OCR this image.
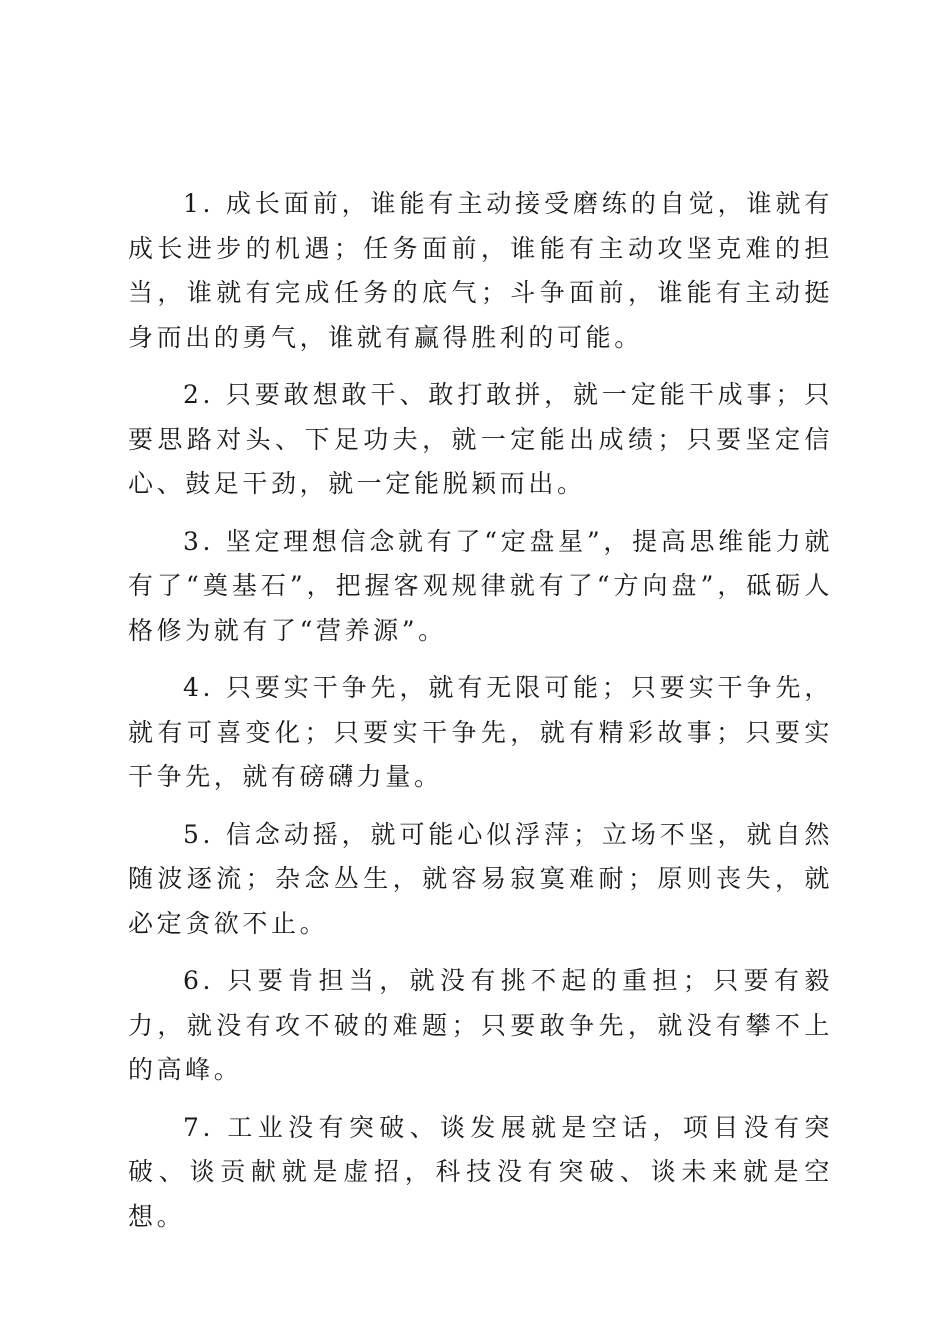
1. 成长面前，谁能有主动接受磨练的自觉，谁就有成长进步的机遇；任务面前，谁能有主动攻坚克难的担当，谁就有完成任务的底气；斗争面前，谁能有主动挺身而出的勇气，谁就有赢得胜利的可能。

2. 只要敢想敢干、敢打敢拼，就一定能干成事；只要思路对头、下足功夫，就一定能出成绩；只要坚定信心、鼓足干劲，就一定能脱颖而出。

3. 坚定理想信念就有了“定盘星”，提高思维能力就有了“奠基石”，把握客观规律就有了“方向盘”，砥砺人格修为就有了“营养源”。

4. 只要实干争先，就有无限可能；只要实干争先，就有可喜变化；只要实干争先，就有精彩故事；只要实干争先，就有磅礴力量。

5. 信念动摇，就可能心似浮萍；立场不坚，就自然随波逐流；杂念丛生，就容易寂寞难耐；原则丧失，就必定贪欲不止。

6. 只要肯担当，就没有挑不起的重担；只要有毅力，就没有攻不破的难题；只要敢争先，就没有攀不上的高峰。

7. 工业没有突破、谈发展就是空话，项目没有突破、谈贡献就是虚招，科技没有突破、谈未来就是空想。
